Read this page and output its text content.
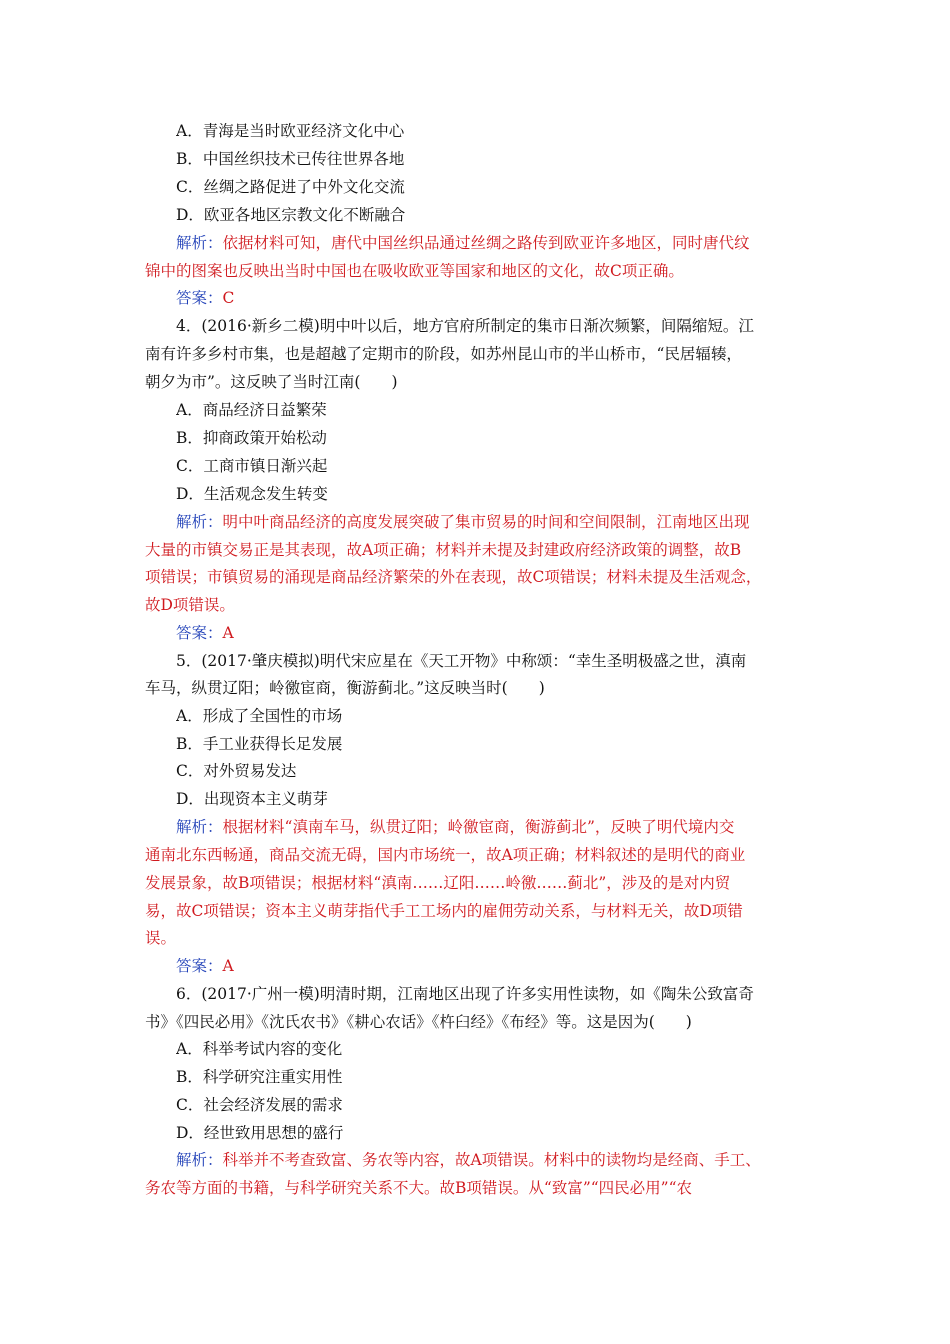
A．青海是当时欧亚经济文化中心
B．中国丝织技术已传往世界各地
C．丝绸之路促进了中外文化交流
D．欧亚各地区宗教文化不断融合
解析：依据材料可知，唐代中国丝织品通过丝绸之路传到欧亚许多地区，同时唐代纹
锦中的图案也反映出当时中国也在吸收欧亚等国家和地区的文化，故C项正确。
答案：C
4．(2016·新乡二模)明中叶以后，地方官府所制定的集市日渐次频繁，间隔缩短。江
南有许多乡村市集，也是超越了定期市的阶段，如苏州昆山市的半山桥市，“民居辐辏，
朝夕为市”。这反映了当时江南(　　)
A．商品经济日益繁荣
B．抑商政策开始松动
C．工商市镇日渐兴起
D．生活观念发生转变
解析：明中叶商品经济的高度发展突破了集市贸易的时间和空间限制，江南地区出现
大量的市镇交易正是其表现，故A项正确；材料并未提及封建政府经济政策的调整，故B
项错误；市镇贸易的涌现是商品经济繁荣的外在表现，故C项错误；材料未提及生活观念，
故D项错误。
答案：A
5．(2017·肇庆模拟)明代宋应星在《天工开物》中称颂：“幸生圣明极盛之世，滇南
车马，纵贯辽阳；岭徼宦商，衡游蓟北。”这反映当时(　　)
A．形成了全国性的市场
B．手工业获得长足发展
C．对外贸易发达
D．出现资本主义萌芽
解析：根据材料“滇南车马，纵贯辽阳；岭徼宦商，衡游蓟北”，反映了明代境内交
通南北东西畅通，商品交流无碍，国内市场统一，故A项正确；材料叙述的是明代的商业
发展景象，故B项错误；根据材料“滇南……辽阳……岭徼……蓟北”，涉及的是对内贸
易，故C项错误；资本主义萌芽指代手工工场内的雇佣劳动关系，与材料无关，故D项错
误。
答案：A
6．(2017·广州一模)明清时期，江南地区出现了许多实用性读物，如《陶朱公致富奇
书》《四民必用》《沈氏农书》《耕心农话》《杵臼经》《布经》等。这是因为(　　)
A．科举考试内容的变化
B．科学研究注重实用性
C．社会经济发展的需求
D．经世致用思想的盛行
解析：科举并不考查致富、务农等内容，故A项错误。材料中的读物均是经商、手工、
务农等方面的书籍，与科学研究关系不大。故B项错误。从“致富”“四民必用”“农
